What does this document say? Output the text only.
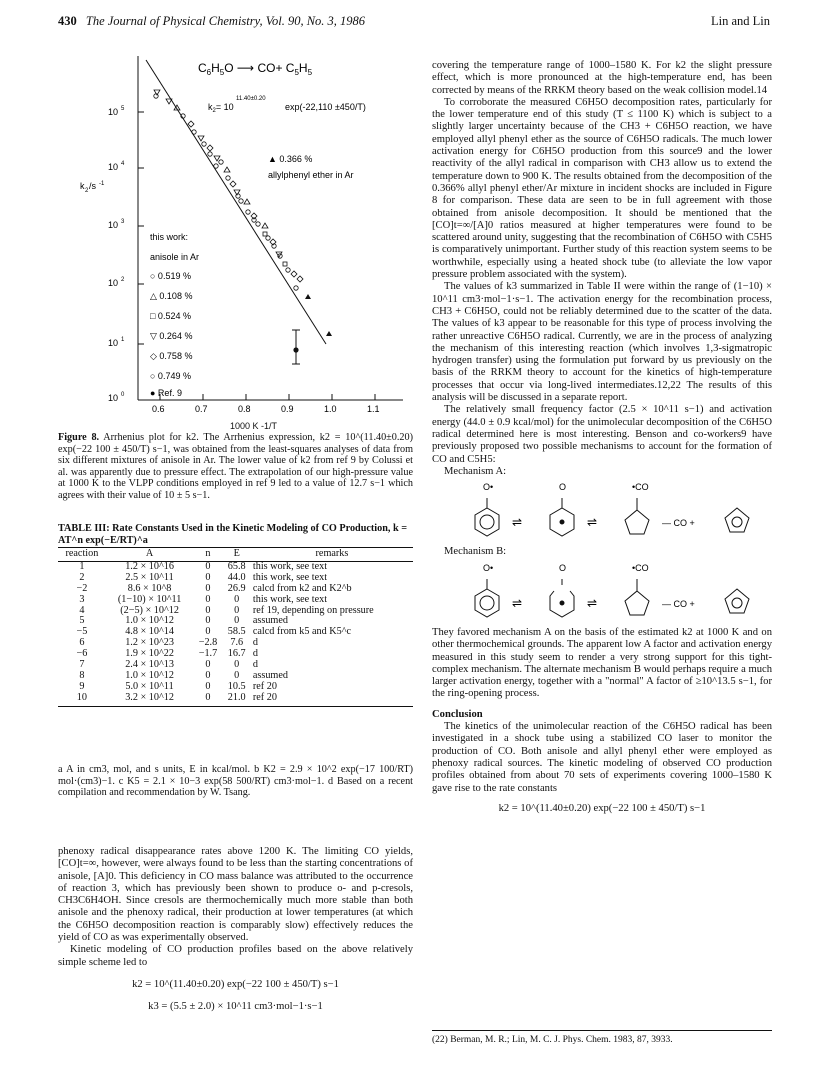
430 The Journal of Physical Chemistry, Vol. 90, No. 3, 1986	Lin and Lin
10 0
10 1
10 2
10 3
10 4
10 5
k 2 /s -1
0.6	0.7	0.8	0.9	1.0	1.1
$C_6H_5O$ ⟶ $CO+ C_5H_5$
$k_2= 10$
11.40±0.20
exp(-22,110 ±450/T)
▲ 0.366 %
allylphenyl ether in Ar
this work:
anisole in Ar
○ 0.519 %
△ 0.108 %
□ 0.524 %
▽ 0.264 %
◇ 0.758 %
○ 0.749 %
● Ref. 9
1000 K -1/T
Figure 8. Arrhenius plot for k2. The Arrhenius expression, k2 = 10^(11.40±0.20) exp(−22 100 ± 450/T) s−1, was obtained from the least-squares analyses of data from six different mixtures of anisole in Ar. The lower value of k2 from ref 9 by Colussi et al. was apparently due to pressure effect. The extrapolation of our high-pressure value at 1000 K to the VLPP conditions employed in ref 9 led to a value of 12.7 s−1 which agrees with their value of 10 ± 5 s−1.
TABLE III: Rate Constants Used in the Kinetic Modeling of CO Production, k = AT^n exp(−E/RT)^a
reaction	A	n	E	remarks
1	1.2 × 10^16	0	65.8	this work, see text
2	2.5 × 10^11	0	44.0	this work, see text
−2	8.6 × 10^8	0	26.9	calcd from k2 and K2^b
3	(1−10) × 10^11	0	0	this work, see text
4	(2−5) × 10^12	0	0	ref 19, depending on pressure
5	1.0 × 10^12	0	0	assumed
−5	4.8 × 10^14	0	58.5	calcd from k5 and K5^c
6	1.2 × 10^23	−2.8	7.6	d
−6	1.9 × 10^22	−1.7	16.7	d
7	2.4 × 10^13	0	0	d
8	1.0 × 10^12	0	0	assumed
9	5.0 × 10^11	0	10.5	ref 20
10	3.2 × 10^12	0	21.0	ref 20
a A in cm3, mol, and s units, E in kcal/mol. b K2 = 2.9 × 10^2 exp(−17 100/RT) mol·(cm3)−1. c K5 = 2.1 × 10−3 exp(58 500/RT) cm3·mol−1. d Based on a recent compilation and recommendation by W. Tsang.

phenoxy radical disappearance rates above 1200 K. The limiting CO yields, [CO]t=∞, however, were always found to be less than the starting concentrations of anisole, [A]0. This deficiency in CO mass balance was attributed to the occurrence of reaction 3, which has previously been shown to produce o- and p-cresols, CH3C6H4OH. Since cresols are thermochemically much more stable than both anisole and the phenoxy radical, their production at lower temperatures (at which the C6H5O decomposition reaction is comparably slow) effectively reduces the yield of CO as was experimentally observed.

Kinetic modeling of CO production profiles based on the above relatively simple scheme led to

k2 = 10^(11.40±0.20) exp(−22 100 ± 450/T) s−1

k3 = (5.5 ± 2.0) × 10^11 cm3·mol−1·s−1

covering the temperature range of 1000–1580 K. For k2 the slight pressure effect, which is more pronounced at the high-temperature end, has been corrected by means of the RRKM theory based on the weak collision model.14

To corroborate the measured C6H5O decomposition rates, particularly for the lower temperature end of this study (T ≤ 1100 K) which is subject to a slightly larger uncertainty because of the CH3 + C6H5O reaction, we have employed allyl phenyl ether as the source of C6H5O radicals. The much lower activation energy for C6H5O production from this source9 and the lower reactivity of the allyl radical in comparison with CH3 allow us to extend the temperature down to 900 K. The results obtained from the decomposition of the 0.366% allyl phenyl ether/Ar mixture in incident shocks are included in Figure 8 for comparison. These data are seen to be in full agreement with those obtained from anisole decomposition. It should be mentioned that the [CO]t=∞/[A]0 ratios measured at higher temperatures were found to be scattered around unity, suggesting that the recombination of C6H5O with C5H5 is comparatively unimportant. Further study of this reaction system seems to be worthwhile, especially using a heated shock tube (to alleviate the low vapor pressure problem associated with the system).

The values of k3 summarized in Table II were within the range of (1−10) × 10^11 cm3·mol−1·s−1. The activation energy for the recombination process, CH3 + C6H5O, could not be reliably determined due to the scatter of the data. The values of k3 appear to be reasonable for this type of process involving the rather unreactive C6H5O radical. Currently, we are in the process of analyzing the mechanism of this interesting reaction (which involves 1,3-sigmatropic hydrogen transfer) using the formulation put forward by us previously on the basis of the RRKM theory to account for the kinetics of high-temperature processes that occur via long-lived intermediates.12,22 The results of this analysis will be discussed in a separate report.

The relatively small frequency factor (2.5 × 10^11 s−1) and activation energy (44.0 ± 0.9 kcal/mol) for the unimolecular decomposition of the C6H5O radical determined here is most interesting. Benson and co-workers9 have previously proposed two possible mechanisms to account for the formation of CO and C5H5:

Mechanism A:

O•	O	•CO
⇌	⇌	— CO +

Mechanism B:

O•	O	•CO
⇌	⇌	— CO +

They favored mechanism A on the basis of the estimated k2 at 1000 K and on other thermochemical grounds. The apparent low A factor and activation energy measured in this study seem to render a very strong support for this tight-complex mechanism. The alternate mechanism B would perhaps require a much larger activation energy, together with a "normal" A factor of ≥10^13.5 s−1, for the ring-opening process.

Conclusion

The kinetics of the unimolecular reaction of the C6H5O radical has been investigated in a shock tube using a stabilized CO laser to monitor the production of CO. Both anisole and allyl phenyl ether were employed as phenoxy radical sources. The kinetic modeling of observed CO production profiles obtained from about 70 sets of experiments covering 1000–1580 K gave rise to the rate constants

k2 = 10^(11.40±0.20) exp(−22 100 ± 450/T) s−1

(22) Berman, M. R.; Lin, M. C. J. Phys. Chem. 1983, 87, 3933.
